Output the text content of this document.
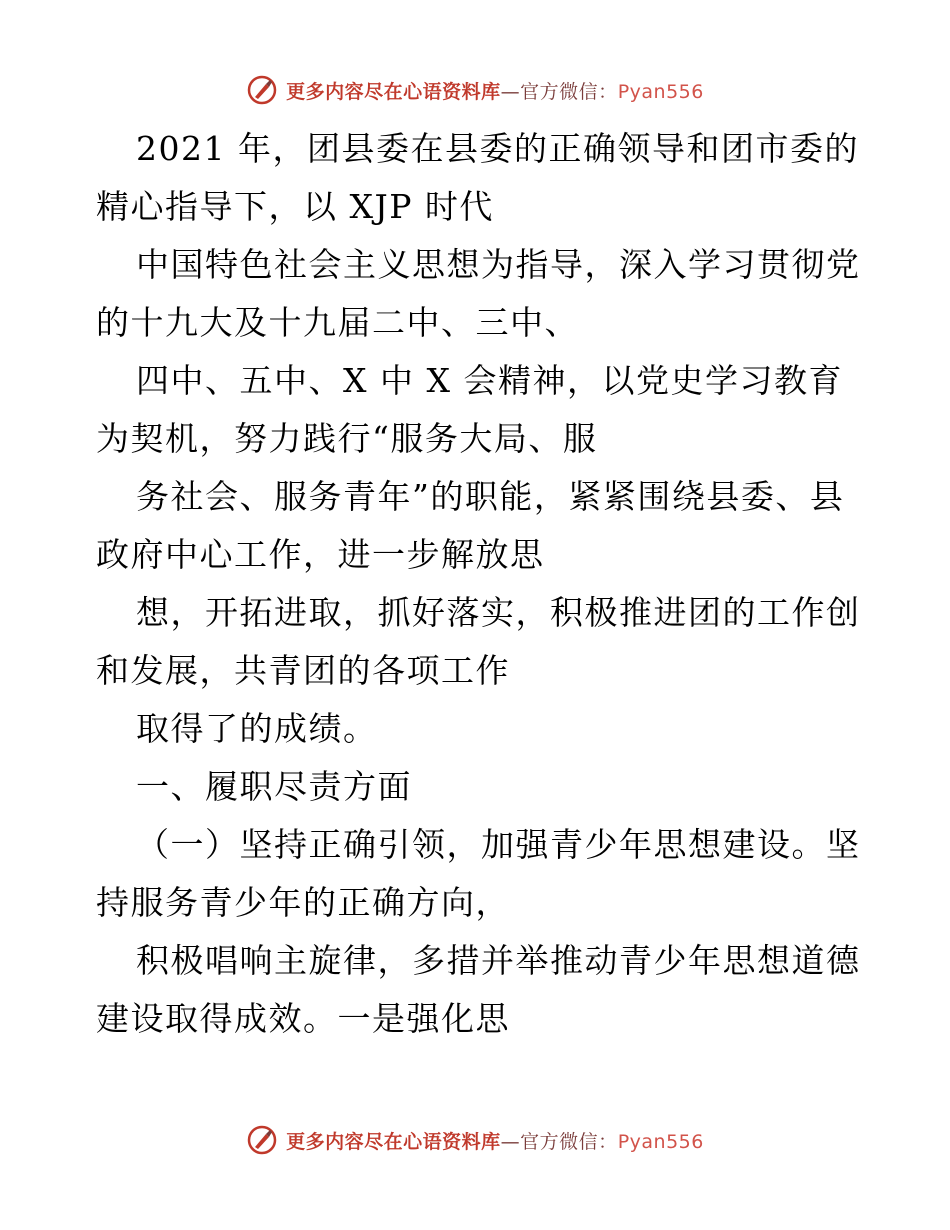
更多内容尽在心语资料库—官方微信：Pyan556
2021 年，团县委在县委的正确领导和团市委的
精心指导下，以 XJP 时代
中国特色社会主义思想为指导，深入学习贯彻党
的十九大及十九届二中、三中、
四中、五中、X 中 X 会精神，以党史学习教育
为契机，努力践行“服务大局、服
务社会、服务青年”的职能，紧紧围绕县委、县
政府中心工作，进一步解放思
想，开拓进取，抓好落实，积极推进团的工作创
和发展，共青团的各项工作
取得了的成绩。
一、履职尽责方面
（一）坚持正确引领，加强青少年思想建设。坚
持服务青少年的正确方向，
积极唱响主旋律，多措并举推动青少年思想道德
建设取得成效。一是强化思
更多内容尽在心语资料库—官方微信：Pyan556
